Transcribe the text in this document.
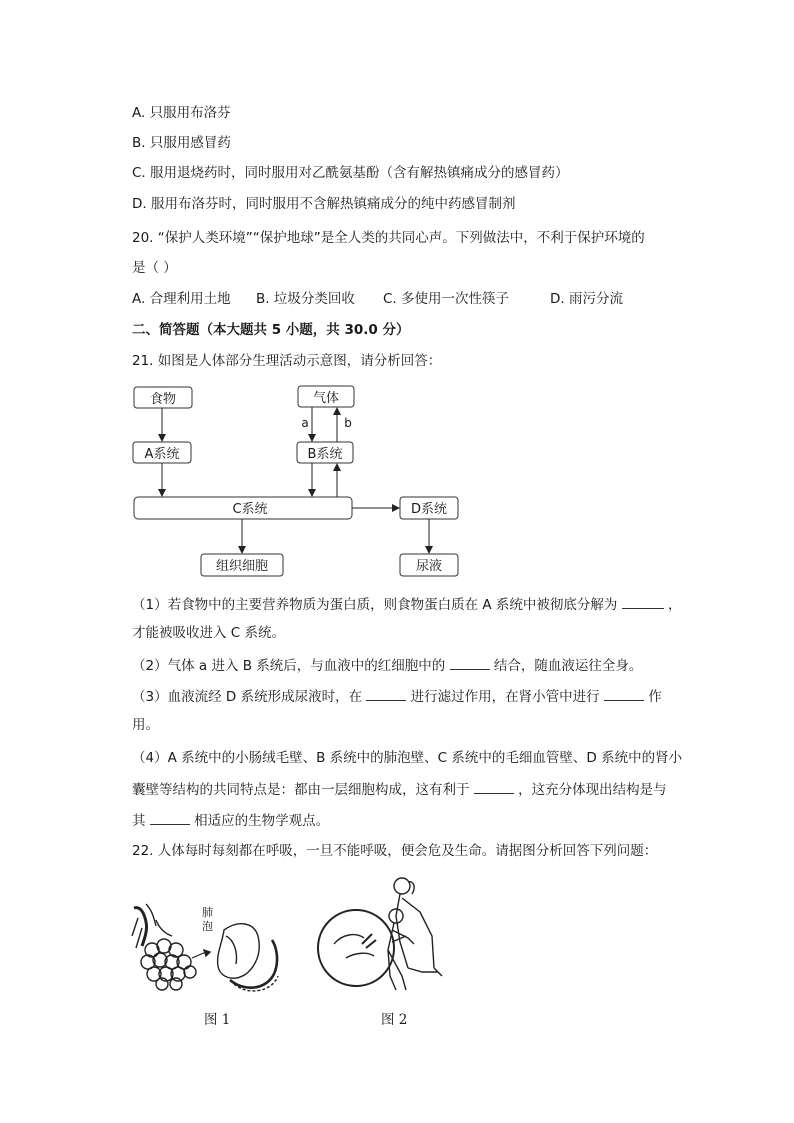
A. 只服用布洛芬
B. 只服用感冒药
C. 服用退烧药时，同时服用对乙酰氨基酚（含有解热镇痛成分的感冒药）
D. 服用布洛芬时，同时服用不含解热镇痛成分的纯中药感冒制剂
20. “保护人类环境”“保护地球”是全人类的共同心声。下列做法中，不利于保护环境的
是（ ）
A. 合理利用土地 B. 垃圾分类回收 C. 多使用一次性筷子	D. 雨污分流
二、简答题（本大题共 5 小题，共 30.0 分）
21. 如图是人体部分生理活动示意图，请分析回答：
食物	气体
A系统	B系统
C系统	D系统
组织细胞	尿液
a	b
（1）若食物中的主要营养物质为蛋白质，则食物蛋白质在 A 系统中被彻底分解为	，
才能被吸收进入 C 系统。
（2）气体 a 进入 B 系统后，与血液中的红细胞中的	结合，随血液运往全身。
（3）血液流经 D 系统形成尿液时，在	进行滤过作用，在肾小管中进行	作
用。
（4）A 系统中的小肠绒毛壁、B 系统中的肺泡壁、C 系统中的毛细血管壁、D 系统中的肾小
囊壁等结构的共同特点是：都由一层细胞构成，这有利于	，这充分体现出结构是与
其	相适应的生物学观点。
22. 人体每时每刻都在呼吸，一旦不能呼吸，便会危及生命。请据图分析回答下列问题：
肺
泡
图 1	图 2
